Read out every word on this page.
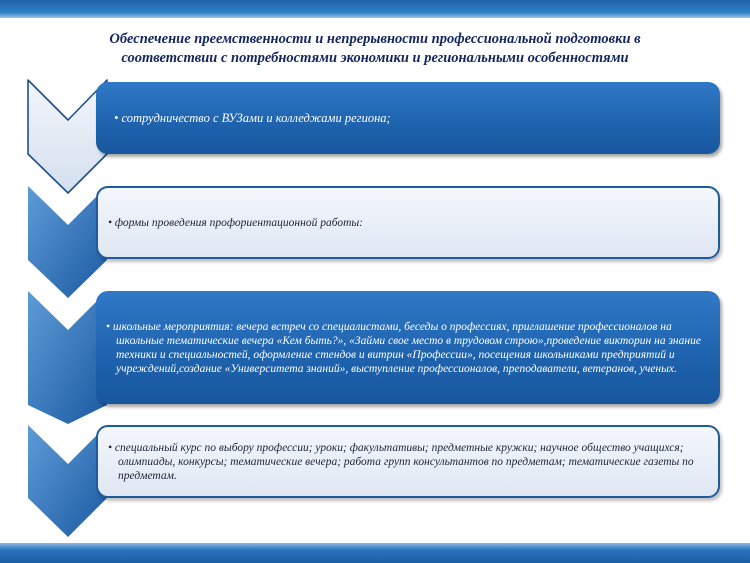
Обеспечение преемственности и непрерывности профессиональной подготовки в
соответствии с потребностями экономики и региональными особенностями

• сотрудничество с ВУЗами и колледжами региона;

• формы проведения профориентационной работы:

• школьные мероприятия: вечера встреч со специалистами, беседы о профессиях, приглашение профессионалов на школьные тематические вечера «Кем быть?», «Займи свое место в трудовом строю»,проведение викторин на знание техники и специальностей, оформление стендов и витрин «Профессии», посещения школьниками предприятий и учреждений,создание «Университета знаний», выступление профессионалов, преподаватели, ветеранов, ученых.

• специальный курс по выбору профессии; уроки; факультативы; предметные кружки; научное общество учащихся; олимпиады, конкурсы; тематические вечера; работа групп консультантов по предметам; тематические газеты по предметам.
